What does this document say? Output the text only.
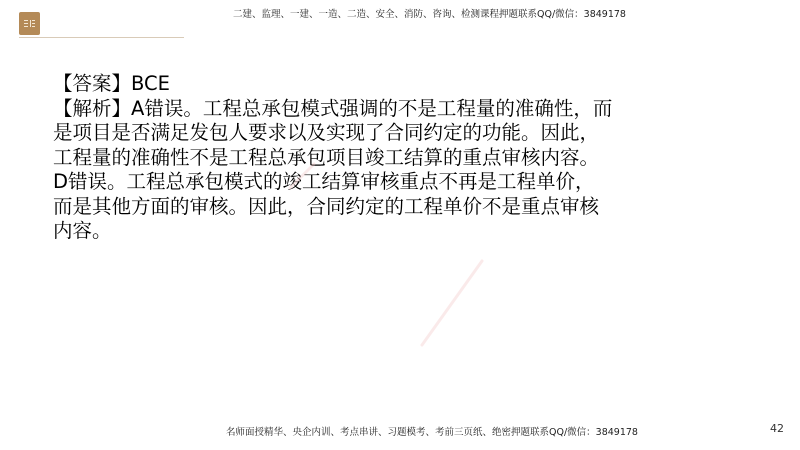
二建、监理、一建、一造、二造、安全、消防、咨询、检测课程押题联系QQ/微信：3849178

【答案】BCE

【解析】A错误。工程总承包模式强调的不是工程量的准确性，而是项目是否满足发包人要求以及实现了合同约定的功能。因此，工程量的准确性不是工程总承包项目竣工结算的重点审核内容。

D错误。工程总承包模式的竣工结算审核重点不再是工程单价，而是其他方面的审核。因此，合同约定的工程单价不是重点审核内容。

名师面授精华、央企内训、考点串讲、习题模考、考前三页纸、绝密押题联系QQ/微信：3849178	42
